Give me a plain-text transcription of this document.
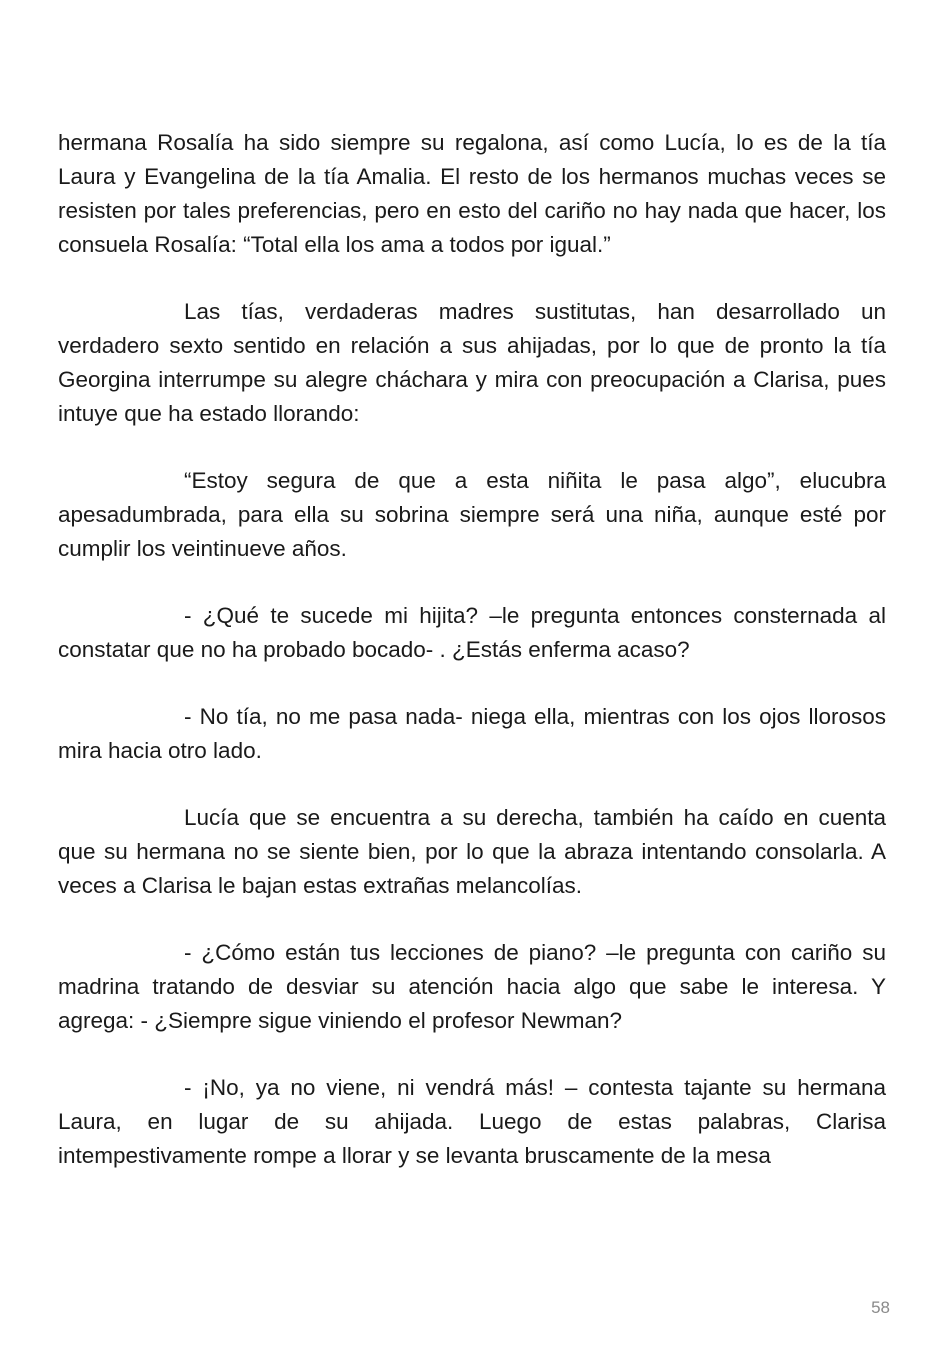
hermana Rosalía ha sido siempre su regalona, así como Lucía, lo es de la tía Laura y Evangelina de la tía Amalia. El resto de los hermanos muchas veces se resisten por tales preferencias, pero en esto del cariño no hay nada que hacer, los consuela Rosalía: “Total ella los ama a todos por igual.”

Las tías, verdaderas madres sustitutas, han desarrollado un verdadero sexto sentido en relación a sus ahijadas, por lo que de pronto la tía Georgina interrumpe su alegre cháchara y mira con preocupación a Clarisa, pues intuye que ha estado llorando:

“Estoy segura de que a esta niñita le pasa algo”, elucubra apesadumbrada, para ella su sobrina siempre será una niña, aunque esté por cumplir los veintinueve años.

- ¿Qué te sucede mi hijita? –le pregunta entonces consternada al constatar que no ha probado bocado- . ¿Estás enferma acaso?

- No tía, no me pasa nada- niega ella, mientras con los ojos llorosos mira hacia otro lado.

Lucía que se encuentra a su derecha, también ha caído en cuenta que su hermana no se siente bien, por lo que la abraza intentando consolarla. A veces a Clarisa le bajan estas extrañas melancolías.

- ¿Cómo están tus lecciones de piano? –le pregunta con cariño su madrina tratando de desviar su atención hacia algo que sabe le interesa. Y agrega: - ¿Siempre sigue viniendo el profesor Newman?

- ¡No, ya no viene, ni vendrá más! – contesta tajante su hermana Laura, en lugar de su ahijada. Luego de estas palabras, Clarisa intempestivamente rompe a llorar y se levanta bruscamente de la mesa

58
